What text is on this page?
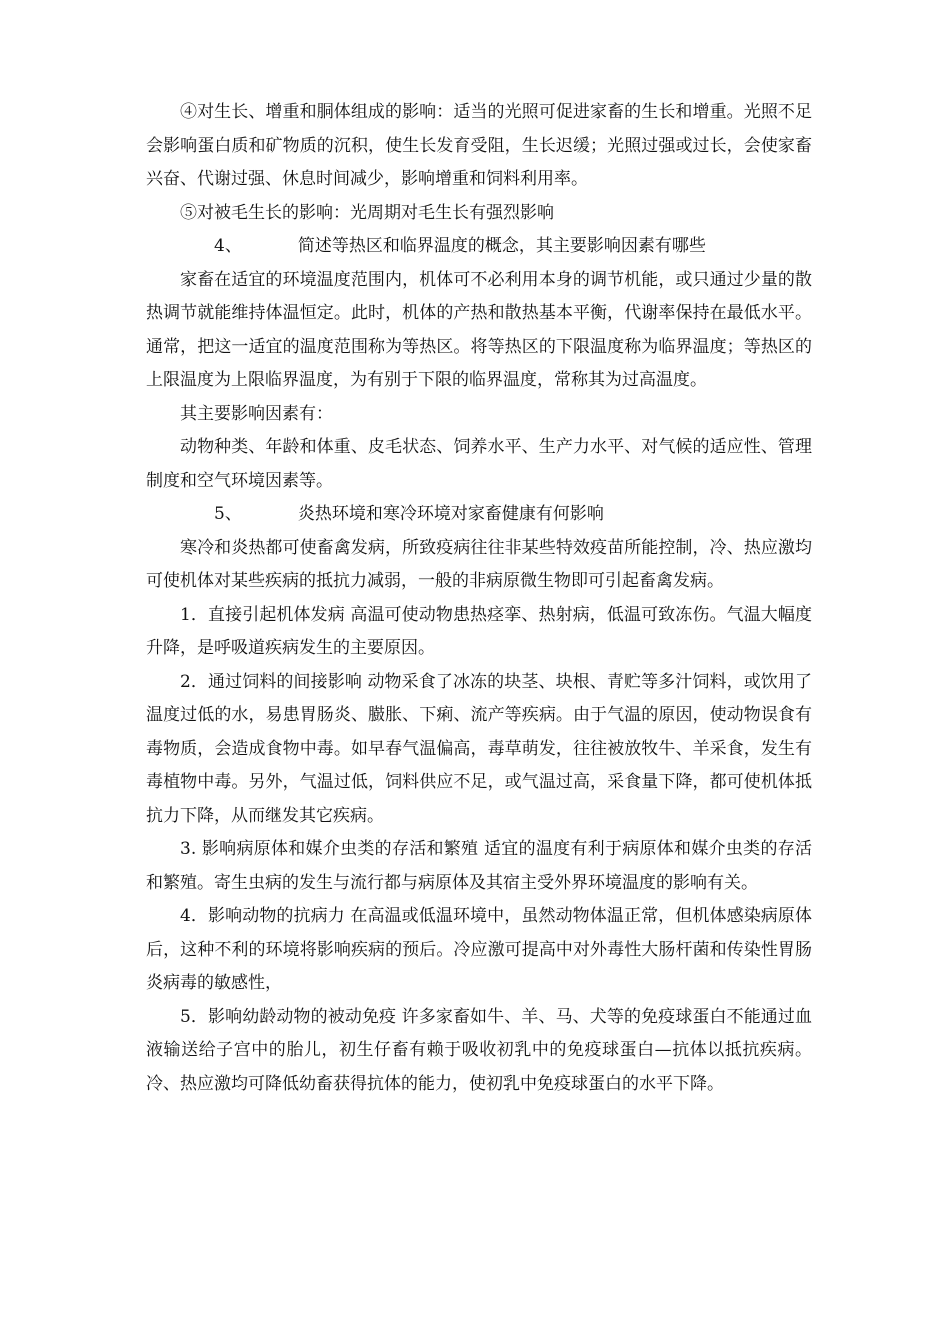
④对生长、增重和胴体组成的影响：适当的光照可促进家畜的生长和增重。光照不足会影响蛋白质和矿物质的沉积，使生长发育受阻，生长迟缓；光照过强或过长，会使家畜兴奋、代谢过强、休息时间减少，影响增重和饲料利用率。

⑤对被毛生长的影响：光周期对毛生长有强烈影响

4、	简述等热区和临界温度的概念，其主要影响因素有哪些

家畜在适宜的环境温度范围内，机体可不必利用本身的调节机能，或只通过少量的散热调节就能维持体温恒定。此时，机体的产热和散热基本平衡，代谢率保持在最低水平。通常，把这一适宜的温度范围称为等热区。将等热区的下限温度称为临界温度；等热区的上限温度为上限临界温度，为有别于下限的临界温度，常称其为过高温度。

其主要影响因素有：

动物种类、年龄和体重、皮毛状态、饲养水平、生产力水平、对气候的适应性、管理制度和空气环境因素等。

5、	炎热环境和寒冷环境对家畜健康有何影响

寒冷和炎热都可使畜禽发病，所致疫病往往非某些特效疫苗所能控制，冷、热应激均可使机体对某些疾病的抵抗力减弱，一般的非病原微生物即可引起畜禽发病。

1．直接引起机体发病 高温可使动物患热痉挛、热射病，低温可致冻伤。气温大幅度升降，是呼吸道疾病发生的主要原因。

2．通过饲料的间接影响 动物采食了冰冻的块茎、块根、青贮等多汁饲料，或饮用了温度过低的水，易患胃肠炎、臌胀、下痢、流产等疾病。由于气温的原因，使动物误食有毒物质，会造成食物中毒。如早春气温偏高，毒草萌发，往往被放牧牛、羊采食，发生有毒植物中毒。另外，气温过低，饲料供应不足，或气温过高，采食量下降，都可使机体抵抗力下降，从而继发其它疾病。

3. 影响病原体和媒介虫类的存活和繁殖 适宜的温度有利于病原体和媒介虫类的存活和繁殖。寄生虫病的发生与流行都与病原体及其宿主受外界环境温度的影响有关。

4．影响动物的抗病力 在高温或低温环境中，虽然动物体温正常，但机体感染病原体后，这种不利的环境将影响疾病的预后。冷应激可提高中对外毒性大肠杆菌和传染性胃肠炎病毒的敏感性，

5．影响幼龄动物的被动免疫 许多家畜如牛、羊、马、犬等的免疫球蛋白不能通过血液输送给子宫中的胎儿，初生仔畜有赖于吸收初乳中的免疫球蛋白—抗体以抵抗疾病。冷、热应激均可降低幼畜获得抗体的能力，使初乳中免疫球蛋白的水平下降。
